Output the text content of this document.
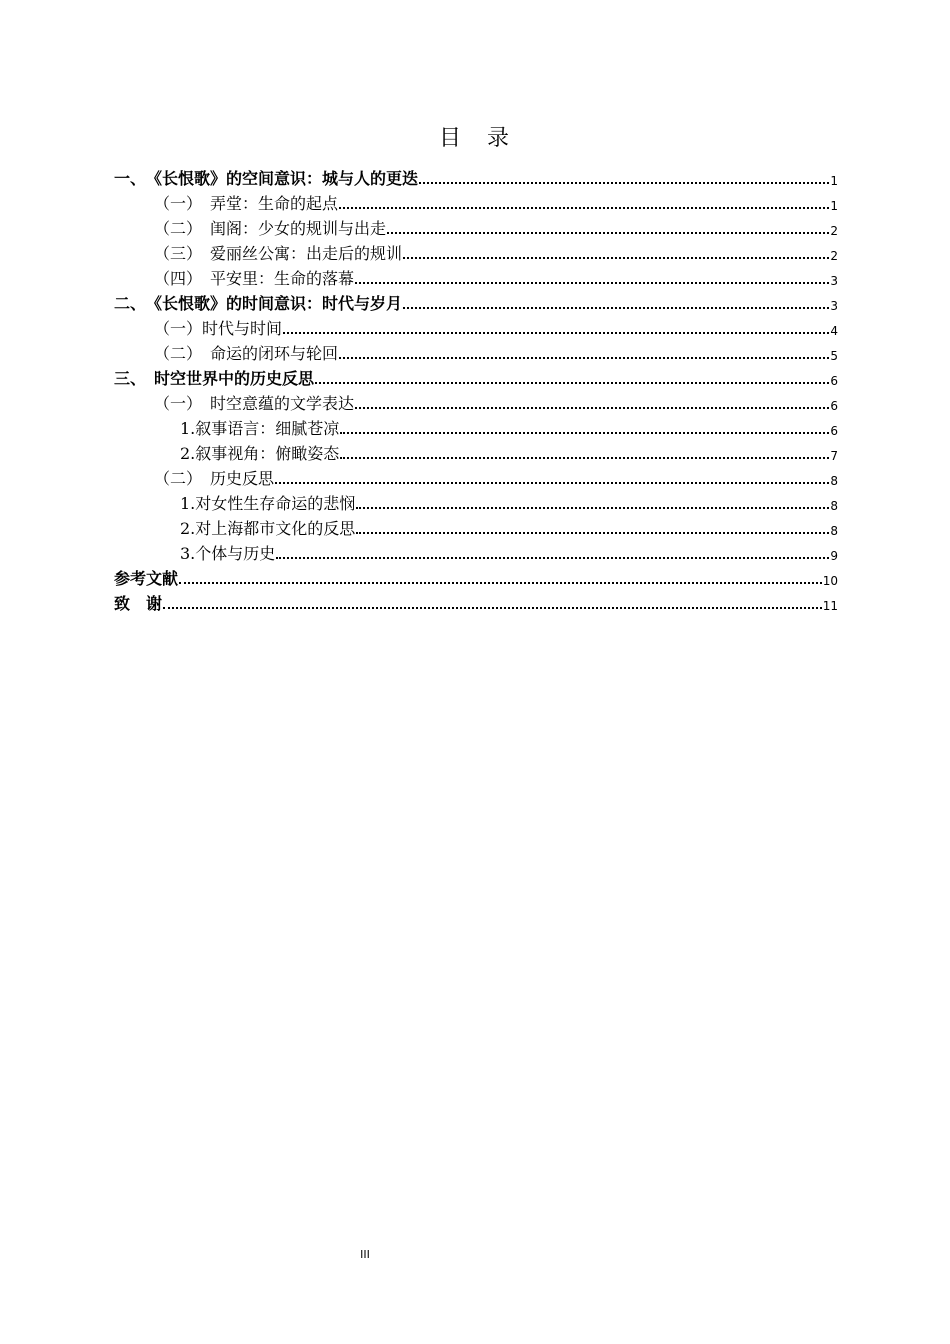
目　录
一、　《长恨歌》的空间意识：城与人的更迭	1
（一）　弄堂：生命的起点	1
（二）　闺阁：少女的规训与出走	2
（三）　爱丽丝公寓：出走后的规训	2
（四）　平安里：生命的落幕	3
二、　《长恨歌》的时间意识：时代与岁月	3
（一）时代与时间	4
（二）　命运的闭环与轮回	5
三、　时空世界中的历史反思	6
（一）　时空意蕴的文学表达	6
1.叙事语言：细腻苍凉	6
2.叙事视角：俯瞰姿态	7
（二）　历史反思	8
1.对女性生存命运的悲悯	8
2.对上海都市文化的反思	8
3.个体与历史	9
参考文献	10
致　谢	11
III
